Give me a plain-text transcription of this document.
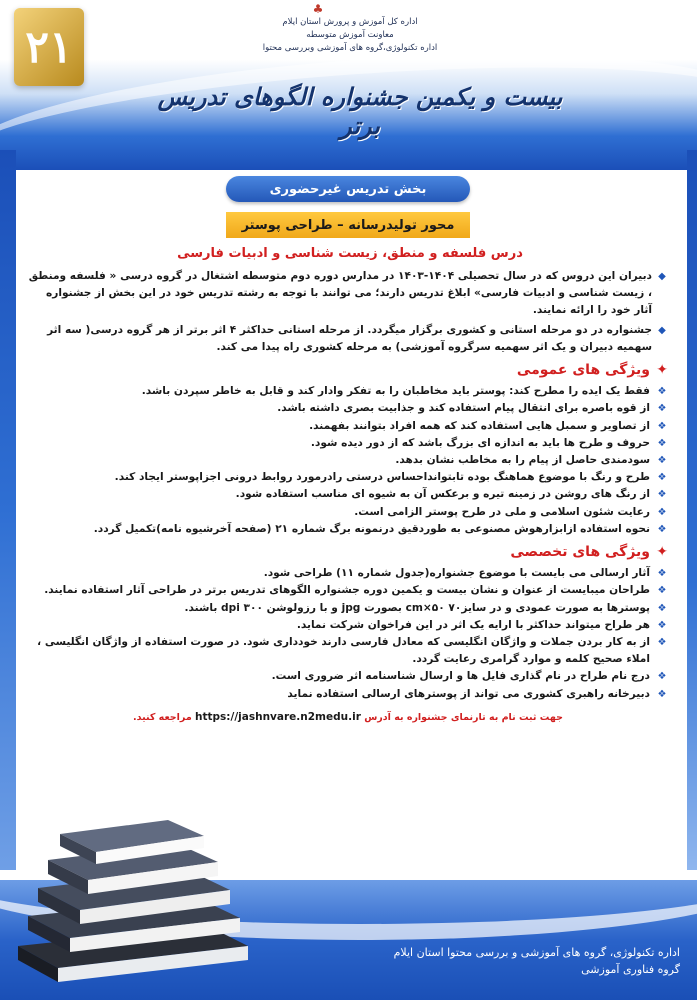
۲۱
♣
اداره کل آموزش و پرورش استان ایلام
معاونت آموزش متوسطه
اداره تکنولوژی،گروه های آموزشی وبررسی محتوا
بیست و یکمین جشنواره الگوهای تدریس برتر
بخش تدریس غیرحضوری
محور تولیدرسانه – طراحی پوستر
درس فلسفه و منطق، زیست شناسی و ادبیات فارسی
◆
دبیران این دروس که در سال تحصیلی ۱۴۰۴-۱۴۰۳ در مدارس دوره دوم متوسطه اشتغال در گروه درسی « فلسفه ومنطق ، زیست شناسی و ادبیات فارسی» ابلاغ تدریس دارند؛ می توانند با توجه به رشته تدریس خود در این بخش از جشنواره آثار خود را ارائه نمایند.
◆
جشنواره در دو مرحله استانی و کشوری برگزار میگردد. از مرحله استانی حداکثر ۴ اثر برتر از هر گروه درسی( سه اثر سهمیه دبیران و یک اثر سهمیه سرگروه آموزشی) به مرحله کشوری راه پیدا می کند.
✦
ویژگی های عمومی
❖
فقط یک ایده را مطرح کند: پوستر باید مخاطبان را به تفکر وادار کند و قابل به خاطر سپردن باشد.
❖
از قوه باصره برای انتقال پیام استفاده کند و جذابیت بصری داشته باشد.
❖
از تصاویر و سمبل هایی استفاده کند که همه افراد بتوانند بفهمند.
❖
حروف و طرح ها باید به اندازه ای بزرگ باشد که از دور دیده شود.
❖
سودمندی حاصل از پیام را به مخاطب نشان بدهد.
❖
طرح و رنگ با موضوع هماهنگ بوده تابتوانداحساس درستی رادرمورد روابط درونی اجزاپوستر ایجاد کند.
❖
از رنگ های روشن در زمینه تیره و برعکس آن به شیوه ای مناسب استفاده شود.
❖
رعایت شئون اسلامی و ملی در طرح پوستر الزامی است.
❖
نحوه استفاده ازابزارهوش مصنوعی به طوردقیق درنمونه برگ شماره ۲۱ (صفحه آخرشیوه نامه)تکمیل گردد.
✦
ویژگی های تخصصی
❖
آثار ارسالی می بایست با موضوع جشنواره(جدول شماره ۱۱) طراحی شود.
❖
طراحان میبایست از عنوان و نشان بیست و یکمین دوره جشنواره الگوهای تدریس برتر در طراحی آثار استفاده نمایند.
❖
پوسترها به صورت عمودی و در سایز۷۰ cm×۵۰ بصورت jpg و با رزولوشن dpi ۳۰۰ باشند.
❖
هر طراح میتواند حداکثر با ارایه یک اثر در این فراخوان شرکت نماید.
❖
از به کار بردن جملات و واژگان انگلیسی که معادل فارسی دارند خودداری شود. در صورت استفاده از واژگان انگلیسی ، املاء صحیح کلمه و موارد گرامری رعایت گردد.
❖
درج نام طراح در نام گذاری فایل ها و ارسال شناسنامه اثر ضروری است.
❖
دبیرخانه راهبری کشوری می تواند از پوسترهای ارسالی استفاده نماید
جهت ثبت نام به تارنمای جشنواره به آدرس https://jashnvare.n2medu.ir مراجعه کنید.
اداره تکنولوژی، گروه های آموزشی و بررسی محتوا استان ایلام
گروه فناوری آموزشی
